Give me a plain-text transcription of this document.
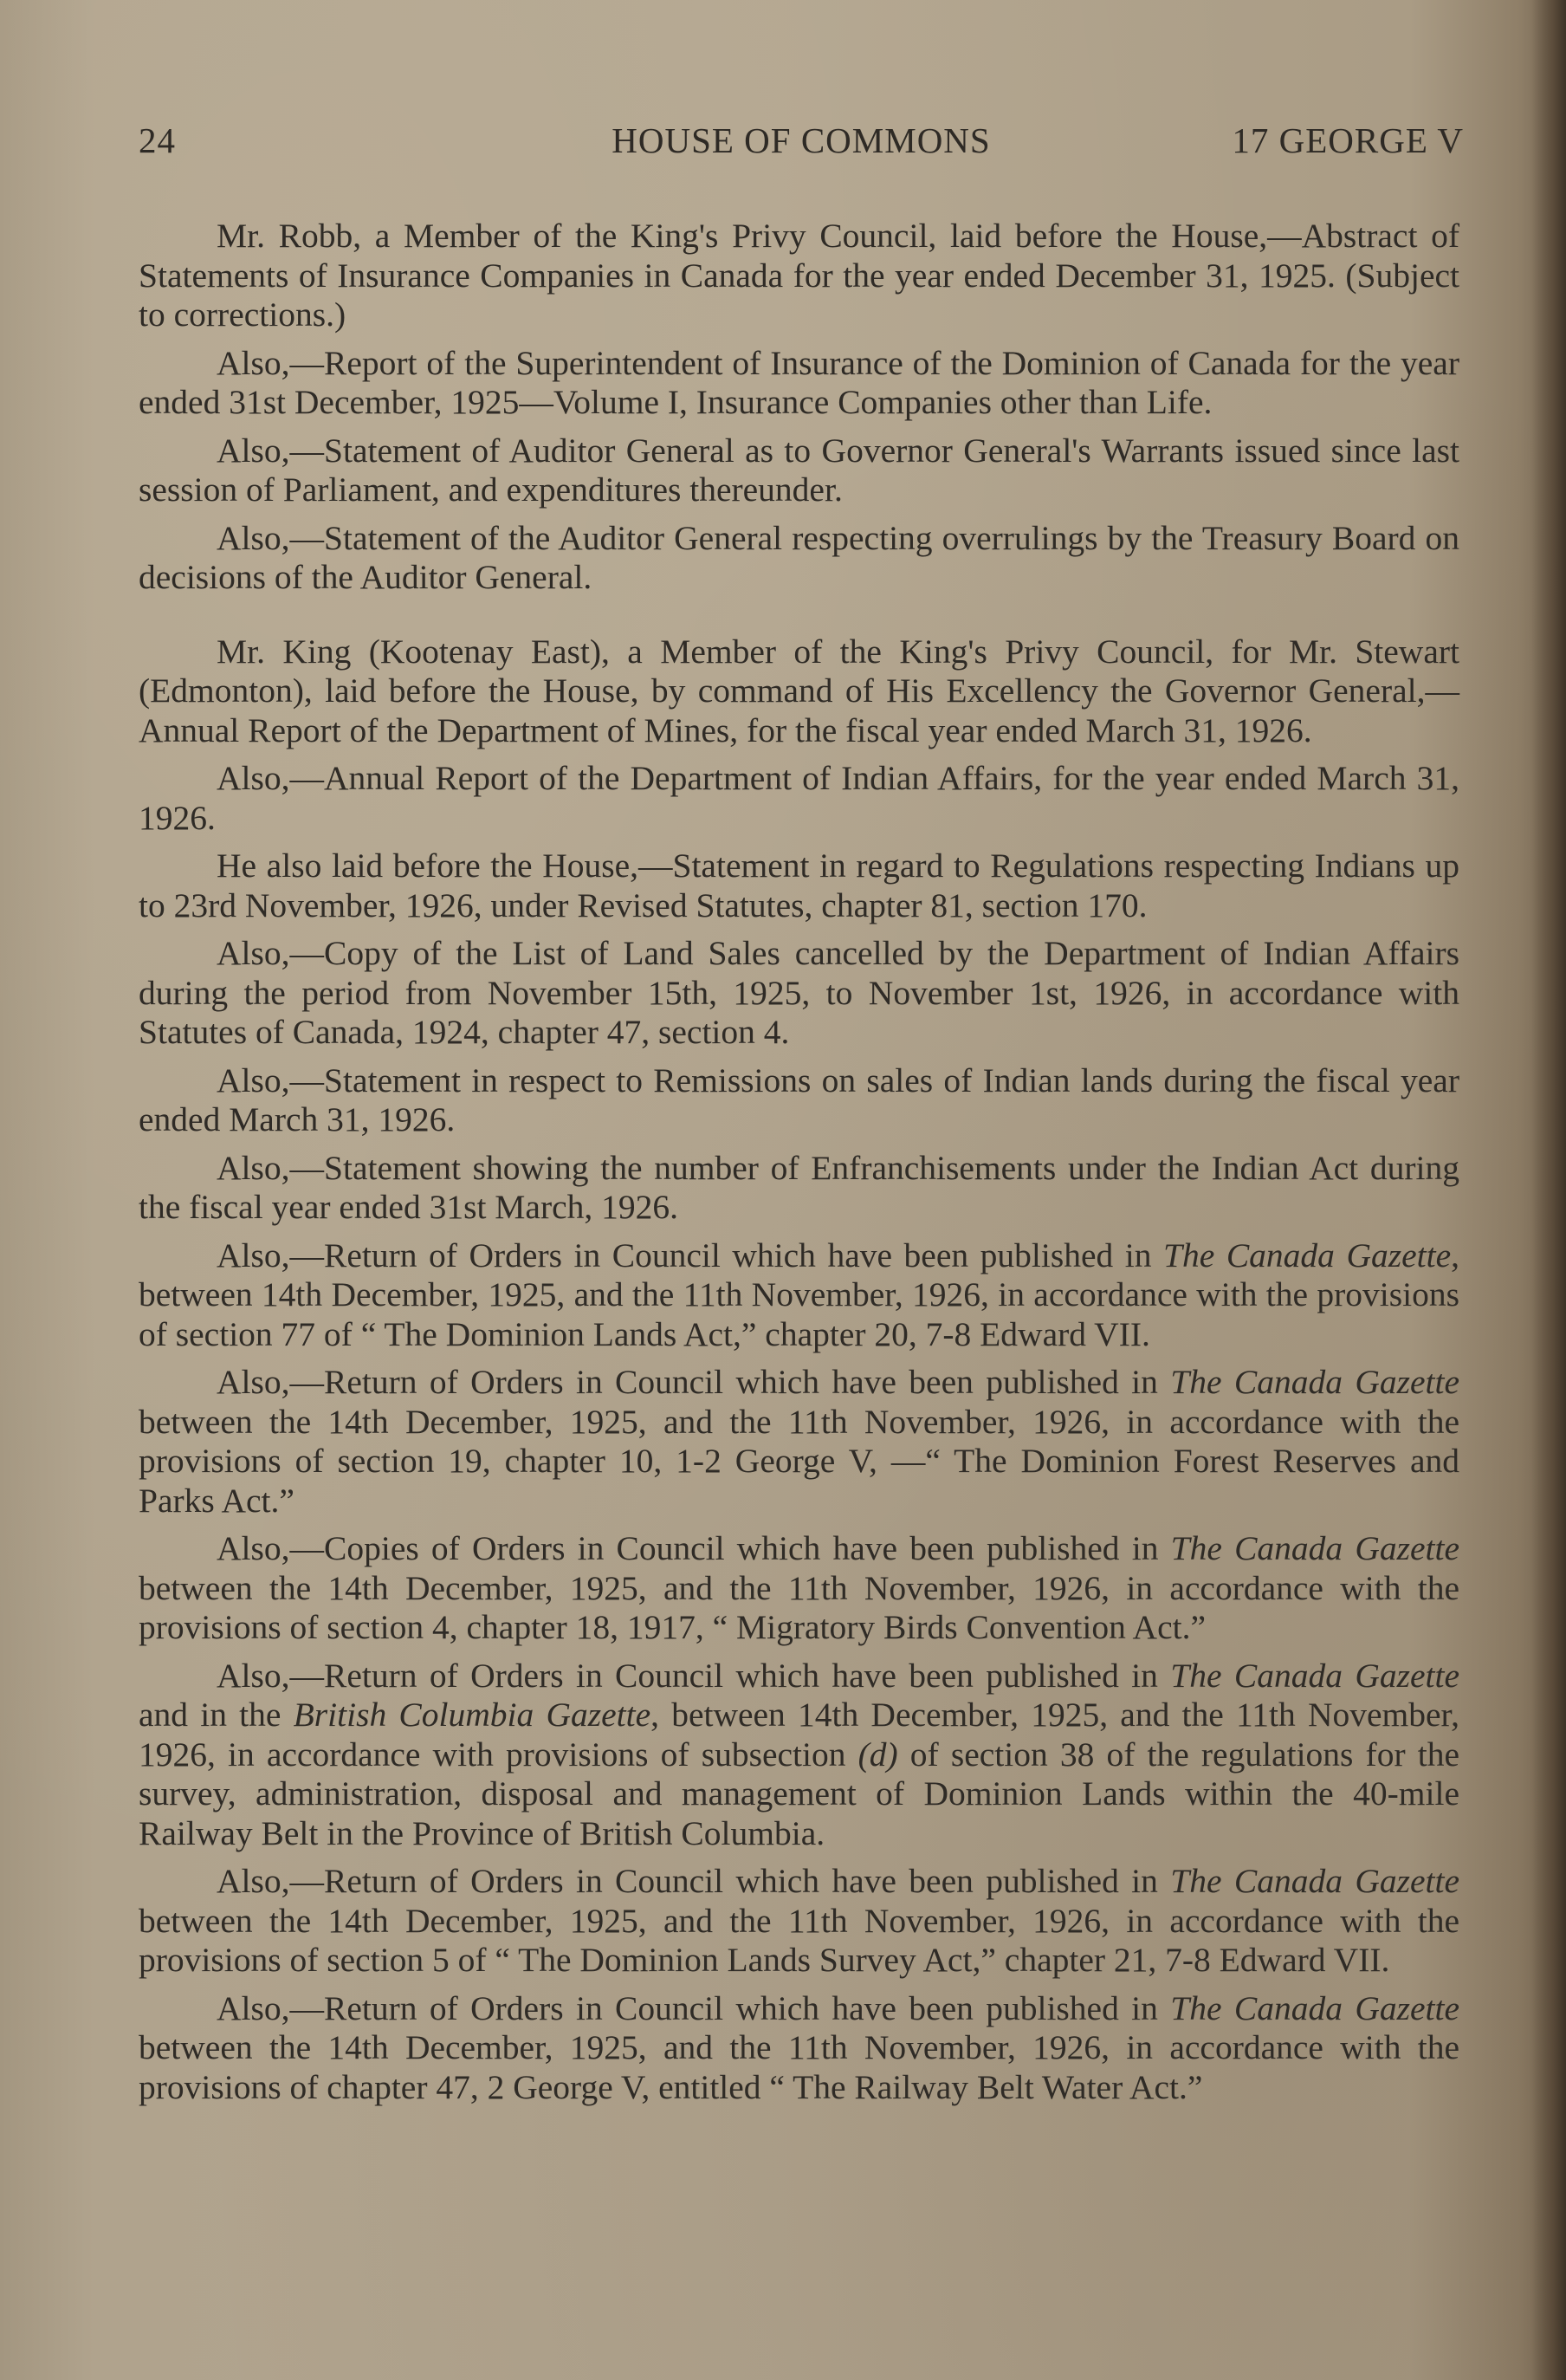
24	HOUSE OF COMMONS	17 GEORGE V

Mr. Robb, a Member of the King's Privy Council, laid before the House,—Abstract of Statements of Insurance Companies in Canada for the year ended December 31, 1925. (Subject to corrections.)

Also,—Report of the Superintendent of Insurance of the Dominion of Canada for the year ended 31st December, 1925—Volume I, Insurance Companies other than Life.

Also,—Statement of Auditor General as to Governor General's Warrants issued since last session of Parliament, and expenditures thereunder.

Also,—Statement of the Auditor General respecting overrulings by the Treasury Board on decisions of the Auditor General.

Mr. King (Kootenay East), a Member of the King's Privy Council, for Mr. Stewart (Edmonton), laid before the House, by command of His Excellency the Governor General,—Annual Report of the Department of Mines, for the fiscal year ended March 31, 1926.

Also,—Annual Report of the Department of Indian Affairs, for the year ended March 31, 1926.

He also laid before the House,—Statement in regard to Regulations respecting Indians up to 23rd November, 1926, under Revised Statutes, chapter 81, section 170.

Also,—Copy of the List of Land Sales cancelled by the Department of Indian Affairs during the period from November 15th, 1925, to November 1st, 1926, in accordance with Statutes of Canada, 1924, chapter 47, section 4.

Also,—Statement in respect to Remissions on sales of Indian lands during the fiscal year ended March 31, 1926.

Also,—Statement showing the number of Enfranchisements under the Indian Act during the fiscal year ended 31st March, 1926.

Also,—Return of Orders in Council which have been published in The Canada Gazette, between 14th December, 1925, and the 11th November, 1926, in accordance with the provisions of section 77 of “ The Dominion Lands Act,” chapter 20, 7-8 Edward VII.

Also,—Return of Orders in Council which have been published in The Canada Gazette between the 14th December, 1925, and the 11th November, 1926, in accordance with the provisions of section 19, chapter 10, 1-2 George V, —“ The Dominion Forest Reserves and Parks Act.”

Also,—Copies of Orders in Council which have been published in The Canada Gazette between the 14th December, 1925, and the 11th November, 1926, in accordance with the provisions of section 4, chapter 18, 1917, “ Migratory Birds Convention Act.”

Also,—Return of Orders in Council which have been published in The Canada Gazette and in the British Columbia Gazette, between 14th December, 1925, and the 11th November, 1926, in accordance with provisions of subsection (d) of section 38 of the regulations for the survey, administration, disposal and management of Dominion Lands within the 40-mile Railway Belt in the Province of British Columbia.

Also,—Return of Orders in Council which have been published in The Canada Gazette between the 14th December, 1925, and the 11th November, 1926, in accordance with the provisions of section 5 of “ The Dominion Lands Survey Act,” chapter 21, 7-8 Edward VII.

Also,—Return of Orders in Council which have been published in The Canada Gazette between the 14th December, 1925, and the 11th November, 1926, in accordance with the provisions of chapter 47, 2 George V, entitled “ The Railway Belt Water Act.”
